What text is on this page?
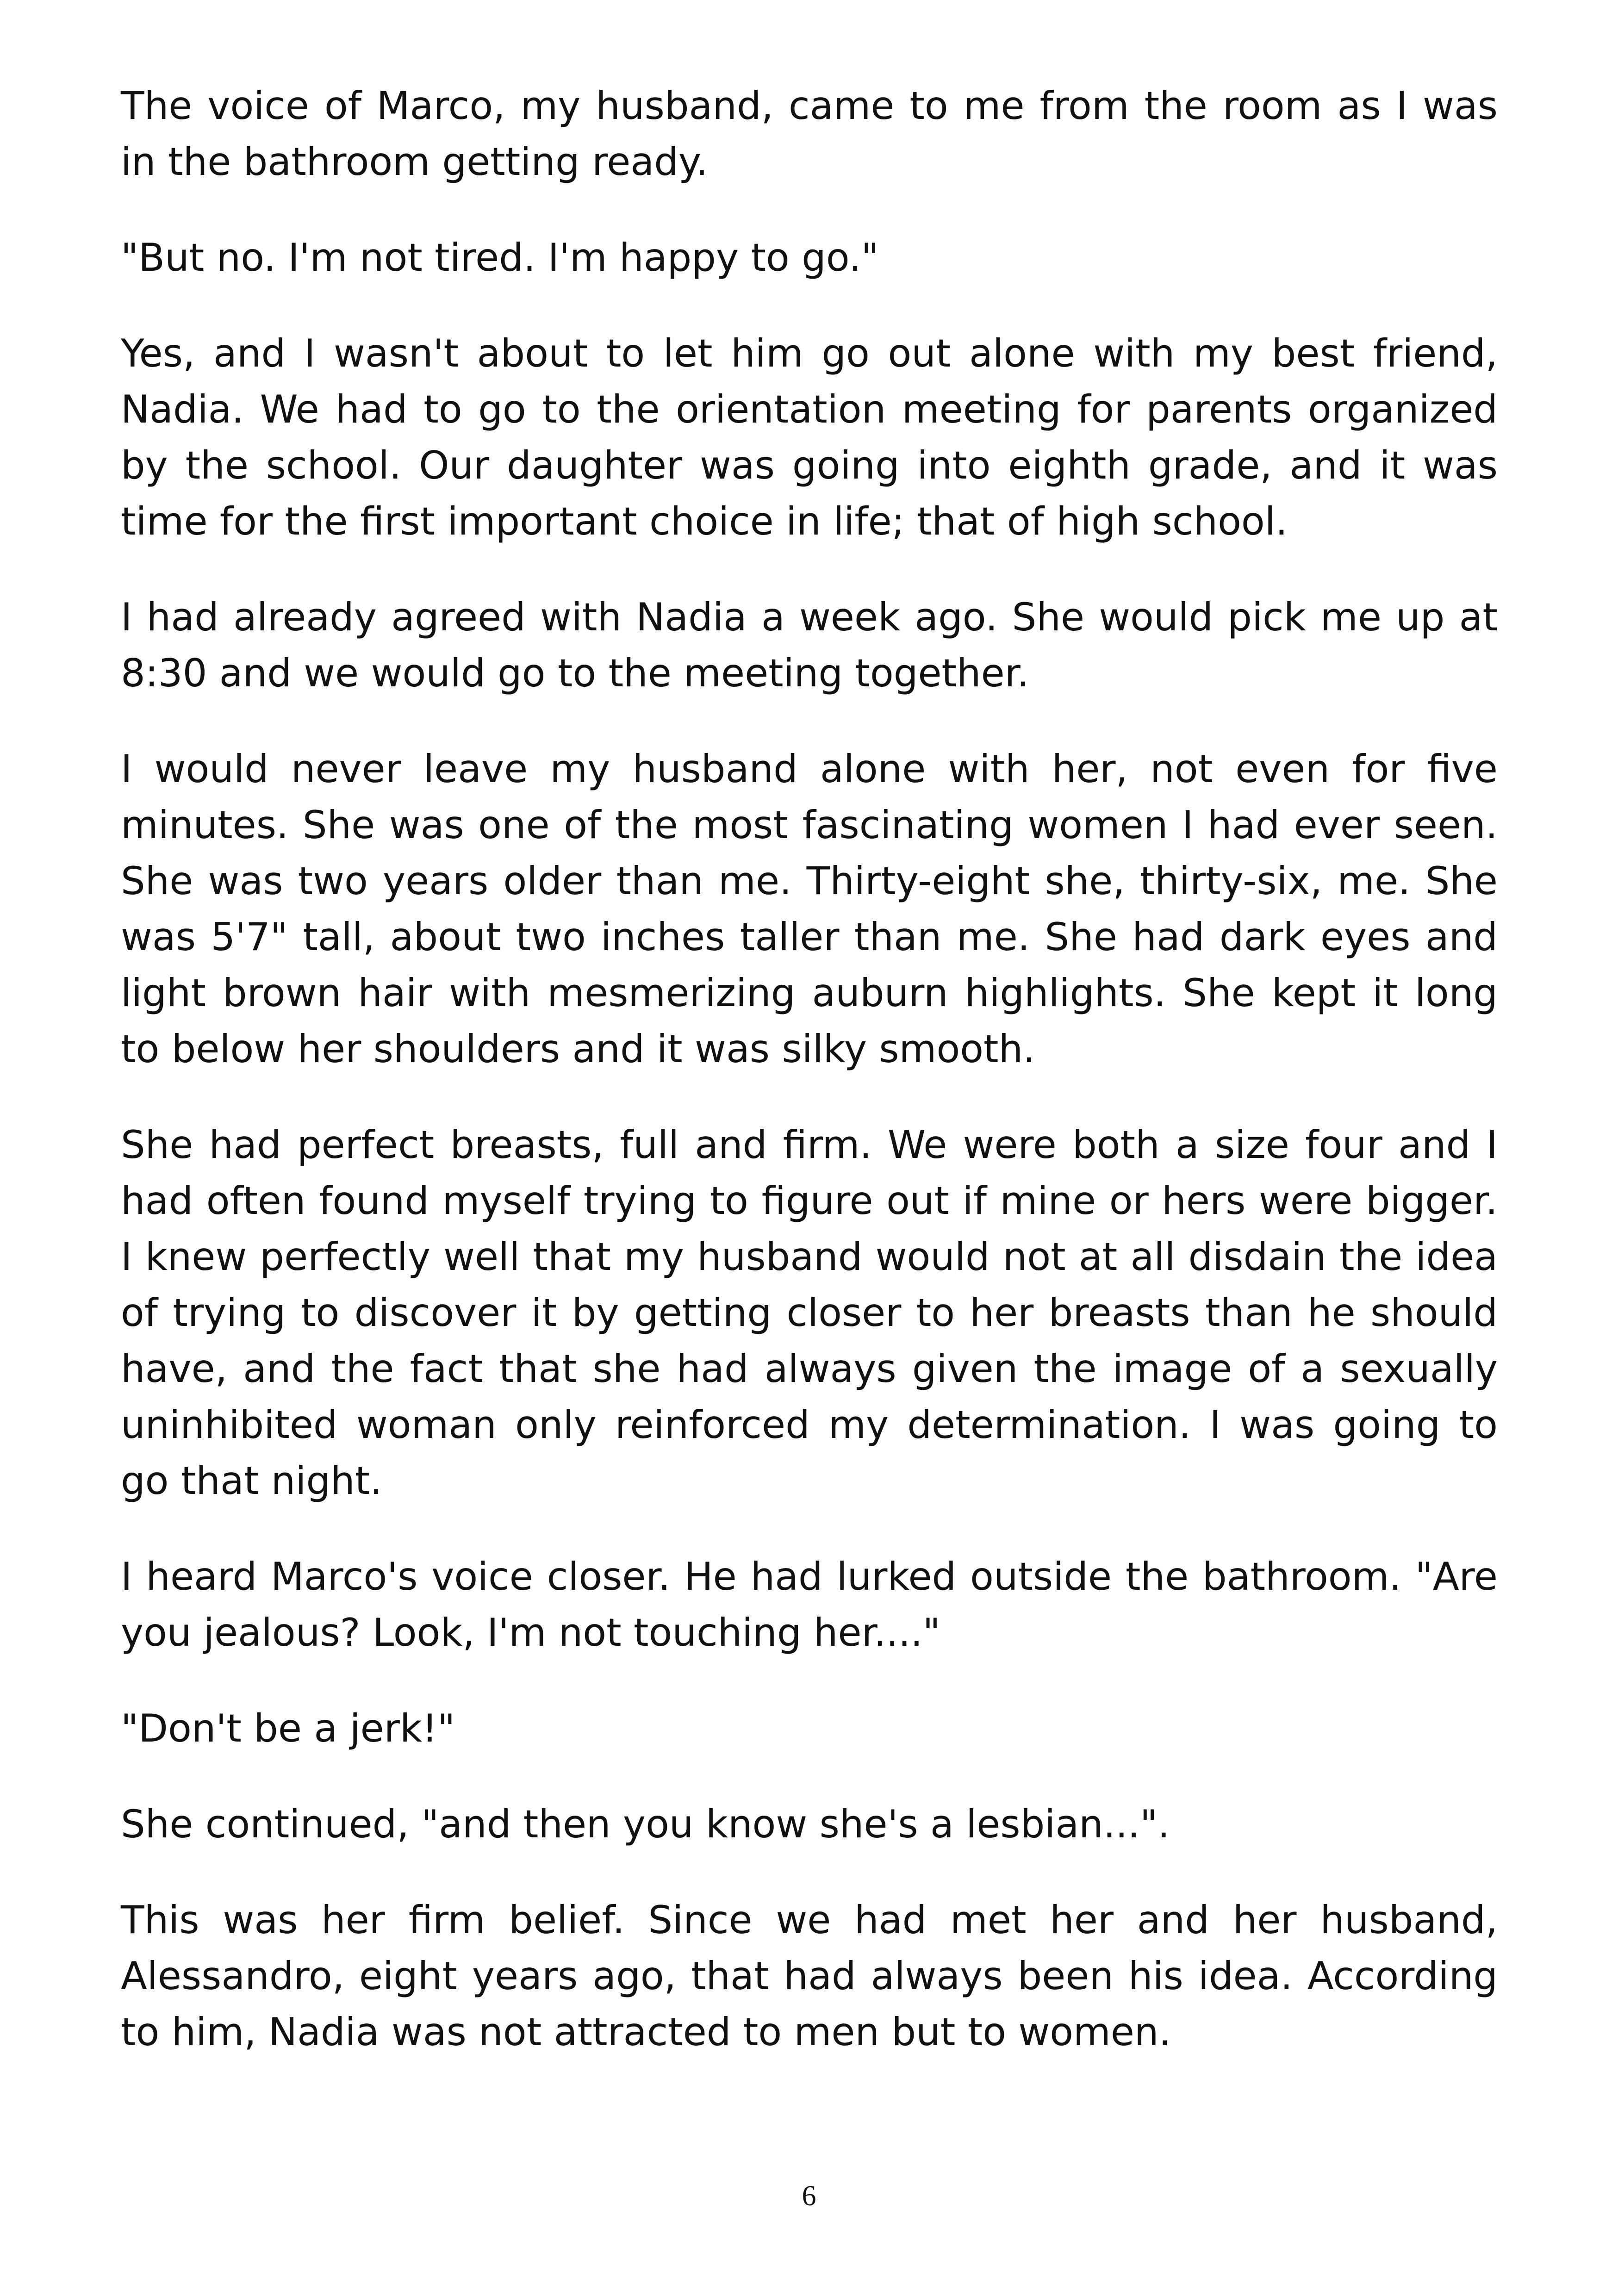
The voice of Marco, my husband, came to me from the room as I was in the bathroom getting ready.

"But no. I'm not tired. I'm happy to go."

Yes, and I wasn't about to let him go out alone with my best friend, Nadia. We had to go to the orientation meeting for parents organized by the school. Our daughter was going into eighth grade, and it was time for the first important choice in life; that of high school.

I had already agreed with Nadia a week ago. She would pick me up at 8:30 and we would go to the meeting together.

I would never leave my husband alone with her, not even for five minutes. She was one of the most fascinating women I had ever seen. She was two years older than me. Thirty-eight she, thirty-six, me. She was 5'7" tall, about two inches taller than me. She had dark eyes and light brown hair with mesmerizing auburn highlights. She kept it long to below her shoulders and it was silky smooth.

She had perfect breasts, full and firm. We were both a size four and I had often found myself trying to figure out if mine or hers were bigger. I knew perfectly well that my husband would not at all disdain the idea of trying to discover it by getting closer to her breasts than he should have, and the fact that she had always given the image of a sexually uninhibited woman only reinforced my determination. I was going to go that night.

I heard Marco's voice closer. He had lurked outside the bathroom. "Are you jealous? Look, I'm not touching her...."

"Don't be a jerk!"

She continued, "and then you know she's a lesbian...".

This was her firm belief. Since we had met her and her husband, Alessandro, eight years ago, that had always been his idea. According to him, Nadia was not attracted to men but to women.

6
